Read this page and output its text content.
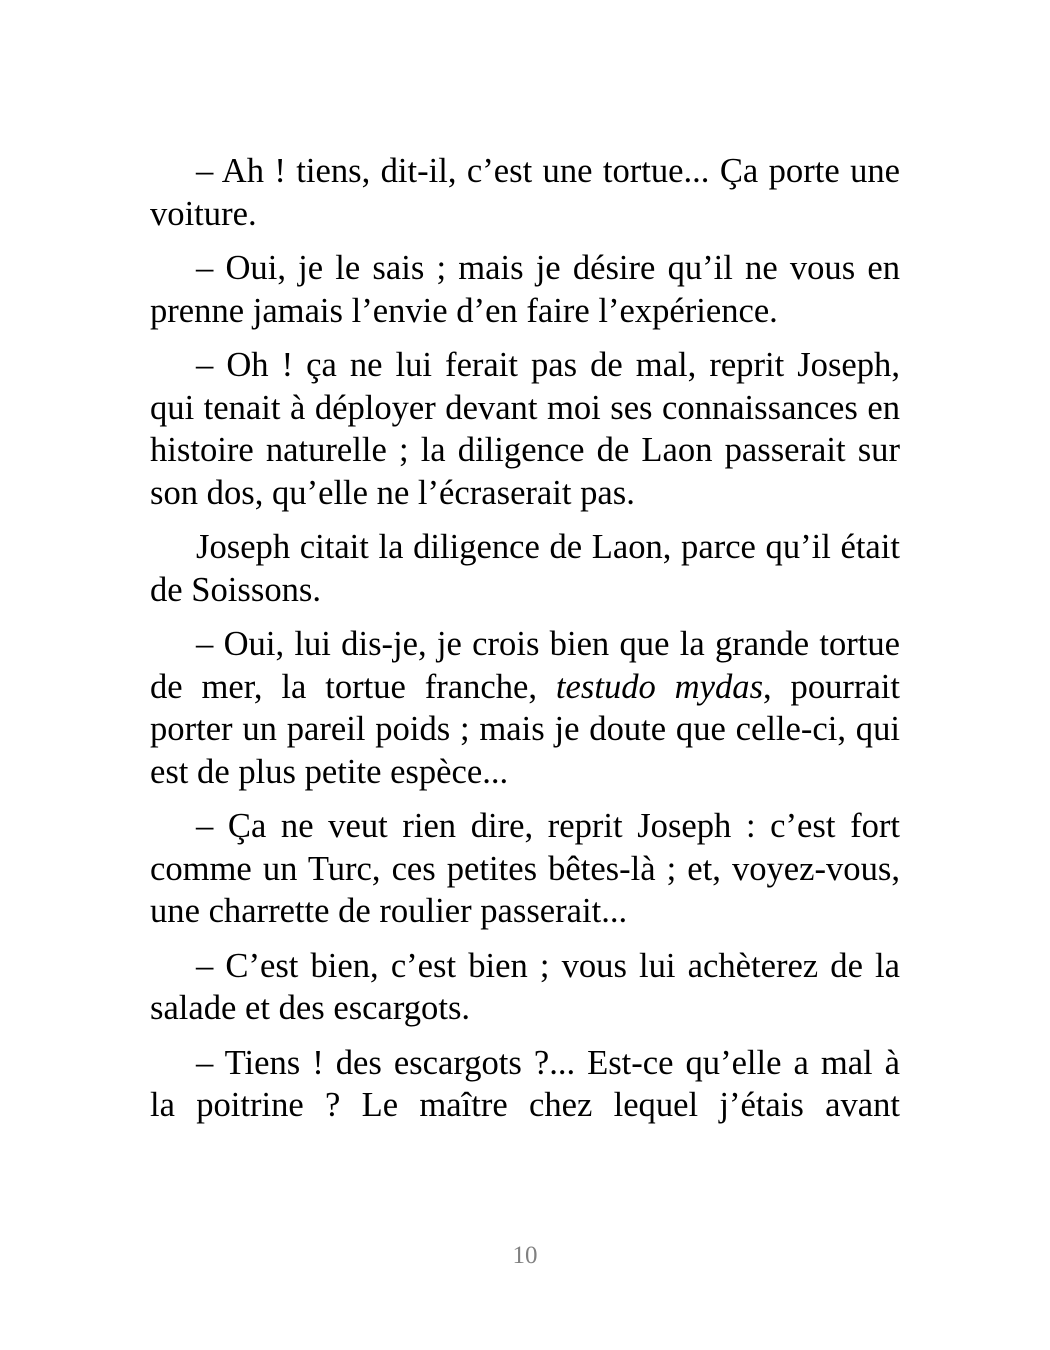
– Ah ! tiens, dit-il, c’est une tortue... Ça porte une voiture.

– Oui, je le sais ; mais je désire qu’il ne vous en prenne jamais l’envie d’en faire l’expérience.

– Oh ! ça ne lui ferait pas de mal, reprit Joseph, qui tenait à déployer devant moi ses connaissances en histoire naturelle ; la diligence de Laon passerait sur son dos, qu’elle ne l’écraserait pas.

Joseph citait la diligence de Laon, parce qu’il était de Soissons.

– Oui, lui dis-je, je crois bien que la grande tortue de mer, la tortue franche, testudo mydas, pourrait porter un pareil poids ; mais je doute que celle-ci, qui est de plus petite espèce...

– Ça ne veut rien dire, reprit Joseph : c’est fort comme un Turc, ces petites bêtes-là ; et, voyez-vous, une charrette de roulier passerait...

– C’est bien, c’est bien ; vous lui achèterez de la salade et des escargots.

– Tiens ! des escargots ?... Est-ce qu’elle a mal à la poitrine ? Le maître chez lequel j’étais avant

10
